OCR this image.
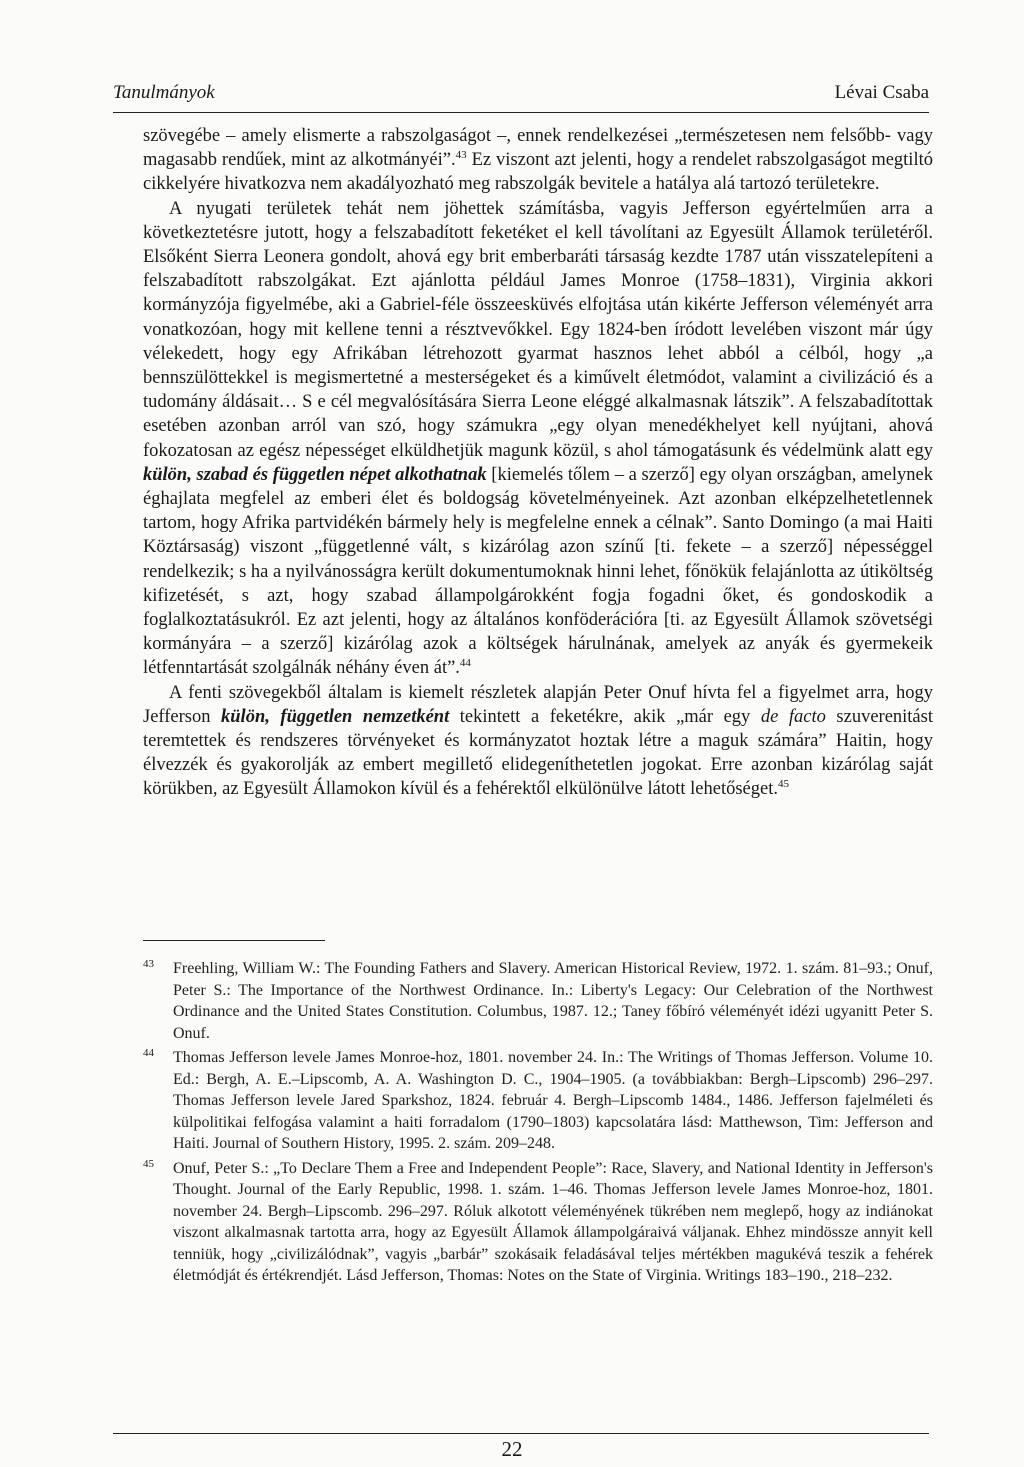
Tanulmányok	Lévai Csaba

szövegébe – amely elismerte a rabszolgaságot –, ennek rendelkezései „természetesen nem felsőbb- vagy magasabb rendűek, mint az alkotmányéi”.$^{43}$ Ez viszont azt jelenti, hogy a rendelet rabszolgaságot megtiltó cikkelyére hivatkozva nem akadályozható meg rabszolgák bevitele a hatálya alá tartozó területekre.

A nyugati területek tehát nem jöhettek számításba, vagyis Jefferson egyértelműen arra a következtetésre jutott, hogy a felszabadított feketéket el kell távolítani az Egyesült Államok területéről. Elsőként Sierra Leonera gondolt, ahová egy brit emberbaráti társaság kezdte 1787 után visszatelepíteni a felszabadított rabszolgákat. Ezt ajánlotta például James Monroe (1758–1831), Virginia akkori kormányzója figyelmébe, aki a Gabriel-féle összeesküvés elfojtása után kikérte Jefferson véleményét arra vonatkozóan, hogy mit kellene tenni a résztvevőkkel. Egy 1824-ben íródott levelében viszont már úgy vélekedett, hogy egy Afrikában létrehozott gyarmat hasznos lehet abból a célból, hogy „a bennszülöttekkel is megismertetné a mesterségeket és a kiművelt életmódot, valamint a civilizáció és a tudomány áldásait… S e cél megvalósítására Sierra Leone eléggé alkalmasnak látszik”. A felszabadítottak esetében azonban arról van szó, hogy számukra „egy olyan menedékhelyet kell nyújtani, ahová fokozatosan az egész népességet elküldhetjük magunk közül, s ahol támogatásunk és védelmünk alatt egy külön, szabad és független népet alkothatnak [kiemelés tőlem – a szerző] egy olyan országban, amelynek éghajlata megfelel az emberi élet és boldogság követelményeinek. Azt azonban elképzelhetetlennek tartom, hogy Afrika partvidékén bármely hely is megfelelne ennek a célnak”. Santo Domingo (a mai Haiti Köztársaság) viszont „függetlenné vált, s kizárólag azon színű [ti. fekete – a szerző] népességgel rendelkezik; s ha a nyilvánosságra került dokumentumoknak hinni lehet, főnökük felajánlotta az útiköltség kifizetését, s azt, hogy szabad állampolgárokként fogja fogadni őket, és gondoskodik a foglalkoztatásukról. Ez azt jelenti, hogy az általános konföderációra [ti. az Egyesült Államok szövetségi kormányára – a szerző] kizárólag azok a költségek hárulnának, amelyek az anyák és gyermekeik létfenntartását szolgálnák néhány éven át”.$^{44}$

A fenti szövegekből általam is kiemelt részletek alapján Peter Onuf hívta fel a figyelmet arra, hogy Jefferson külön, független nemzetként tekintett a feketékre, akik „már egy de facto szuverenitást teremtettek és rendszeres törvényeket és kormányzatot hoztak létre a maguk számára” Haitin, hogy élvezzék és gyakorolják az embert megillető elidegeníthetetlen jogokat. Erre azonban kizárólag saját körükben, az Egyesült Államokon kívül és a fehérektől elkülönülve látott lehetőséget.$^{45}$

43 Freehling, William W.: The Founding Fathers and Slavery. American Historical Review, 1972. 1. szám. 81–93.; Onuf, Peter S.: The Importance of the Northwest Ordinance. In.: Liberty's Legacy: Our Celebration of the Northwest Ordinance and the United States Constitution. Columbus, 1987. 12.; Taney főbíró véleményét idézi ugyanitt Peter S. Onuf.
44 Thomas Jefferson levele James Monroe-hoz, 1801. november 24. In.: The Writings of Thomas Jefferson. Volume 10. Ed.: Bergh, A. E.–Lipscomb, A. A. Washington D. C., 1904–1905. (a továbbiakban: Bergh–Lipscomb) 296–297. Thomas Jefferson levele Jared Sparkshoz, 1824. február 4. Bergh–Lipscomb 1484., 1486. Jefferson fajelméleti és külpolitikai felfogása valamint a haiti forradalom (1790–1803) kapcsolatára lásd: Matthewson, Tim: Jefferson and Haiti. Journal of Southern History, 1995. 2. szám. 209–248.
45 Onuf, Peter S.: „To Declare Them a Free and Independent People”: Race, Slavery, and National Identity in Jefferson's Thought. Journal of the Early Republic, 1998. 1. szám. 1–46. Thomas Jefferson levele James Monroe-hoz, 1801. november 24. Bergh–Lipscomb. 296–297. Róluk alkotott véleményének tükrében nem meglepő, hogy az indiánokat viszont alkalmasnak tartotta arra, hogy az Egyesült Államok állampolgáraivá váljanak. Ehhez mindössze annyit kell tenniük, hogy „civilizálódnak”, vagyis „barbár” szokásaik feladásával teljes mértékben magukévá teszik a fehérek életmódját és értékrendjét. Lásd Jefferson, Thomas: Notes on the State of Virginia. Writings 183–190., 218–232.
22
